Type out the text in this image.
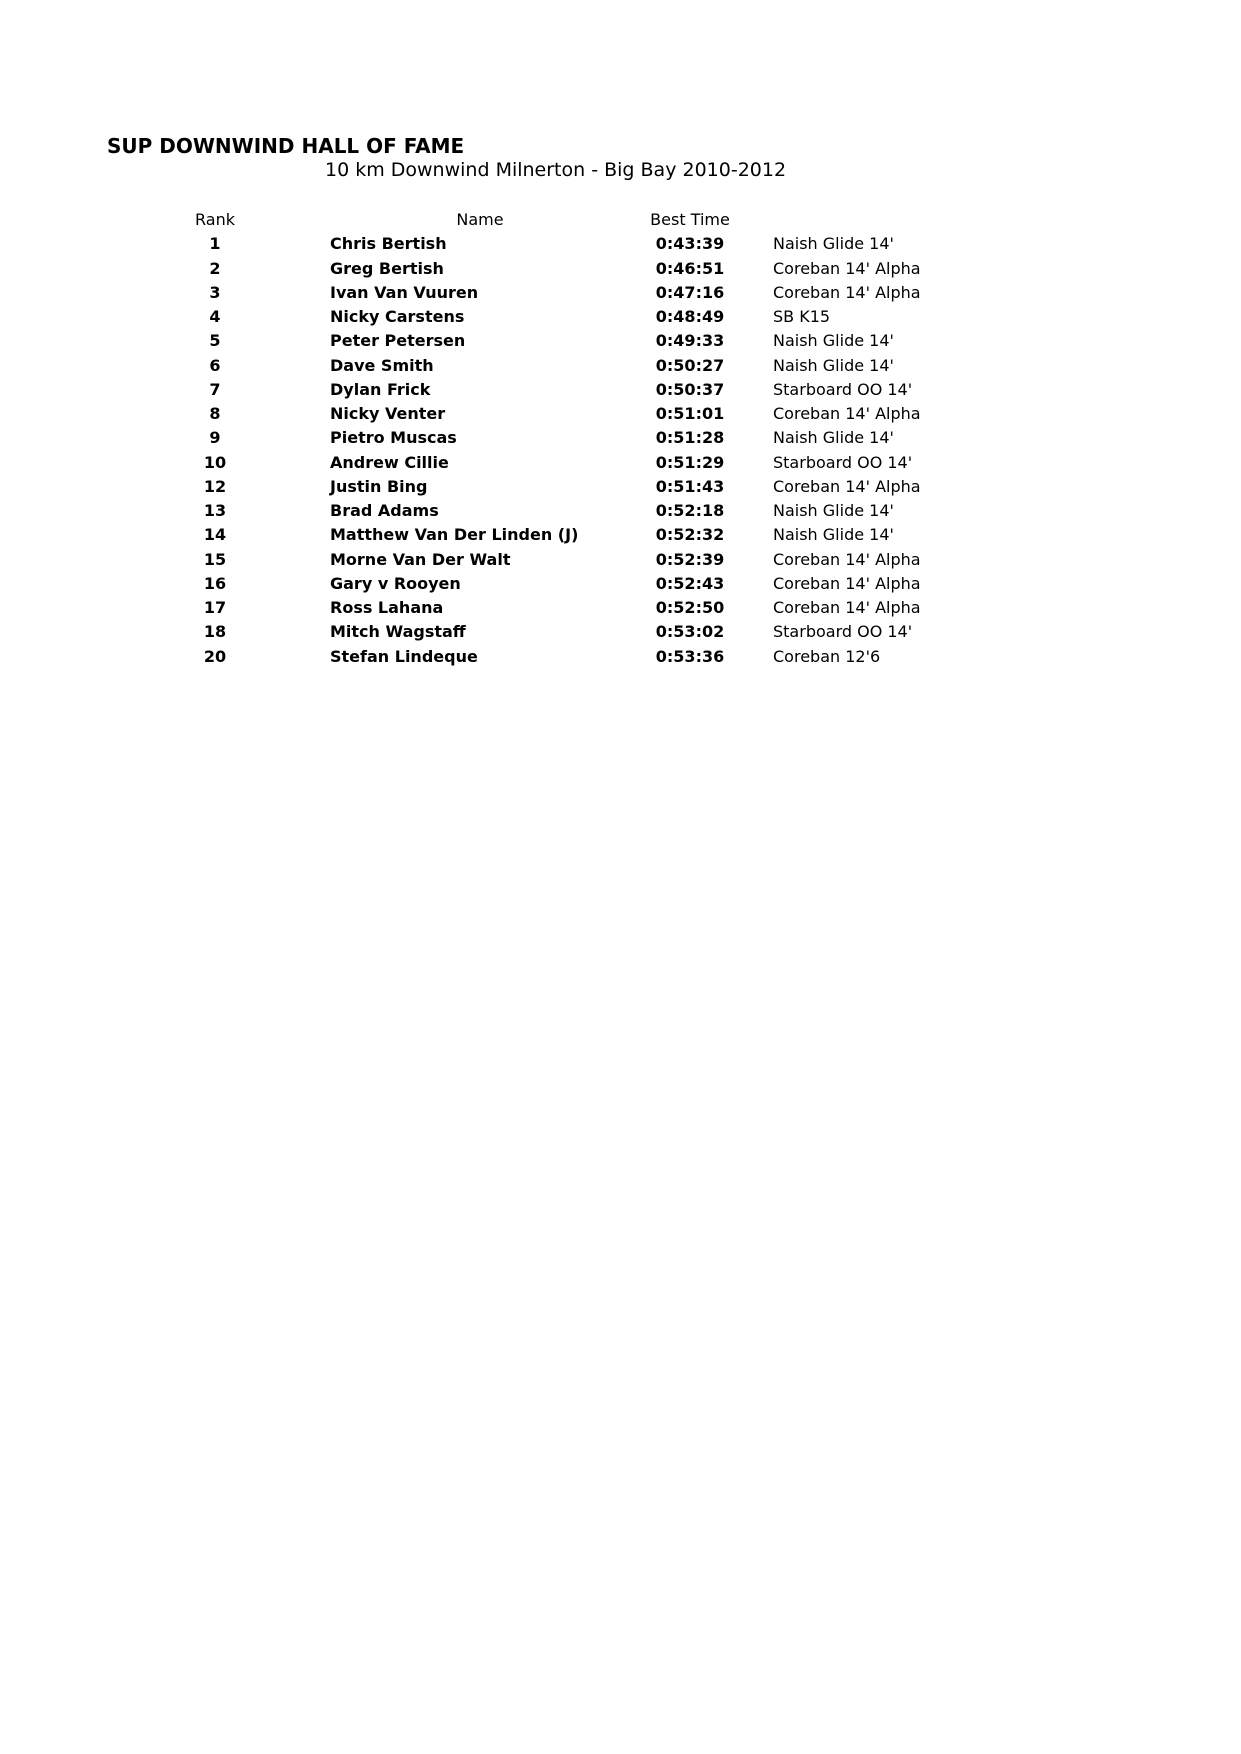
SUP DOWNWIND HALL OF FAME
10 km Downwind Milnerton - Big Bay 2010-2012
Rank	Name	Best Time
1	Chris Bertish	0:43:39	Naish Glide 14'
2	Greg Bertish	0:46:51	Coreban 14' Alpha
3	Ivan Van Vuuren	0:47:16	Coreban 14' Alpha
4	Nicky Carstens	0:48:49	SB K15
5	Peter Petersen	0:49:33	Naish Glide 14'
6	Dave Smith	0:50:27	Naish Glide 14'
7	Dylan Frick	0:50:37	Starboard OO 14'
8	Nicky Venter	0:51:01	Coreban 14' Alpha
9	Pietro Muscas	0:51:28	Naish Glide 14'
10	Andrew Cillie	0:51:29	Starboard OO 14'
12	Justin Bing	0:51:43	Coreban 14' Alpha
13	Brad Adams	0:52:18	Naish Glide 14'
14	Matthew Van Der Linden (J)	0:52:32	Naish Glide 14'
15	Morne Van Der Walt	0:52:39	Coreban 14' Alpha
16	Gary v Rooyen	0:52:43	Coreban 14' Alpha
17	Ross Lahana	0:52:50	Coreban 14' Alpha
18	Mitch Wagstaff	0:53:02	Starboard OO 14'
20	Stefan Lindeque	0:53:36	Coreban 12'6
